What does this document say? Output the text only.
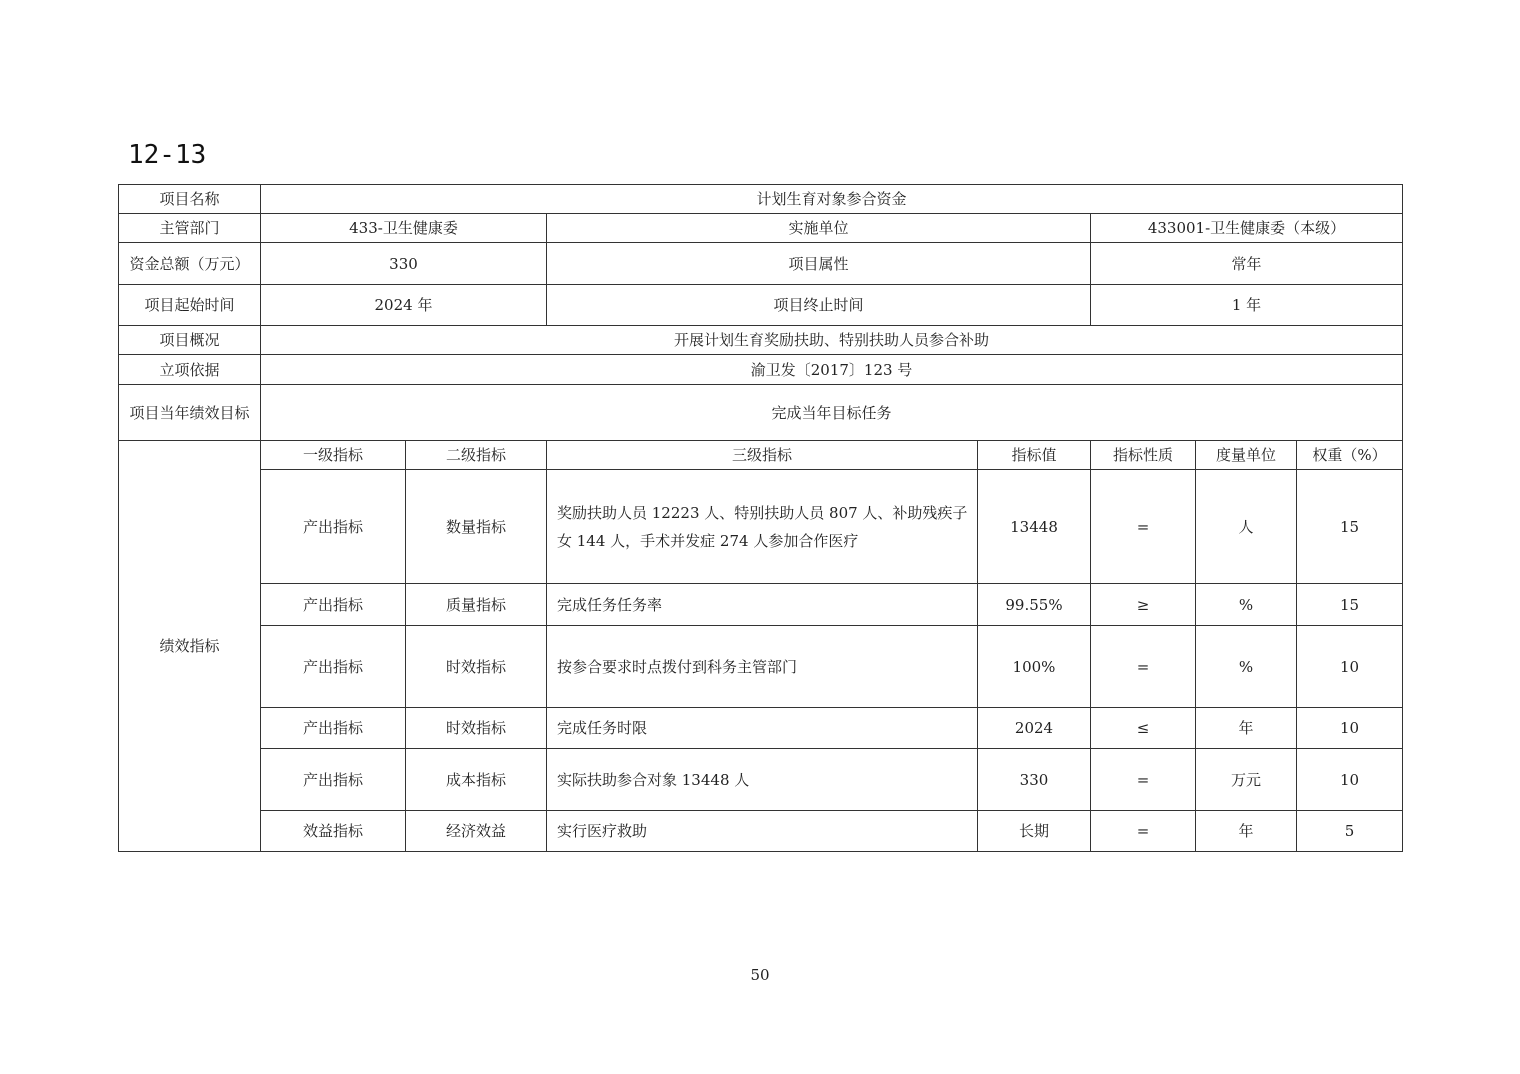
12-13
项目名称	计划生育对象参合资金						
主管部门	433-卫生健康委		实施单位		433001-卫生健康委（本级）		
资金总额（万元）	330		项目属性		常年		
项目起始时间	2024 年		项目终止时间		1 年		
项目概况	开展计划生育奖励扶助、特别扶助人员参合补助						
立项依据	渝卫发〔2017〕123 号						
项目当年绩效目标	完成当年目标任务						
绩效指标	一级指标	二级指标	三级指标	指标值	指标性质	度量单位	权重（%）
	产出指标	数量指标	奖励扶助人员 12223 人、特别扶助人员 807 人、补助残疾子女 144 人，手术并发症 274 人参加合作医疗	13448	=	人	15
	产出指标	质量指标	完成任务任务率	99.55%	≥	%	15
	产出指标	时效指标	按参合要求时点拨付到科务主管部门	100%	=	%	10
	产出指标	时效指标	完成任务时限	2024	≤	年	10
	产出指标	成本指标	实际扶助参合对象 13448 人	330	=	万元	10
	效益指标	经济效益	实行医疗救助	长期	=	年	5
50
